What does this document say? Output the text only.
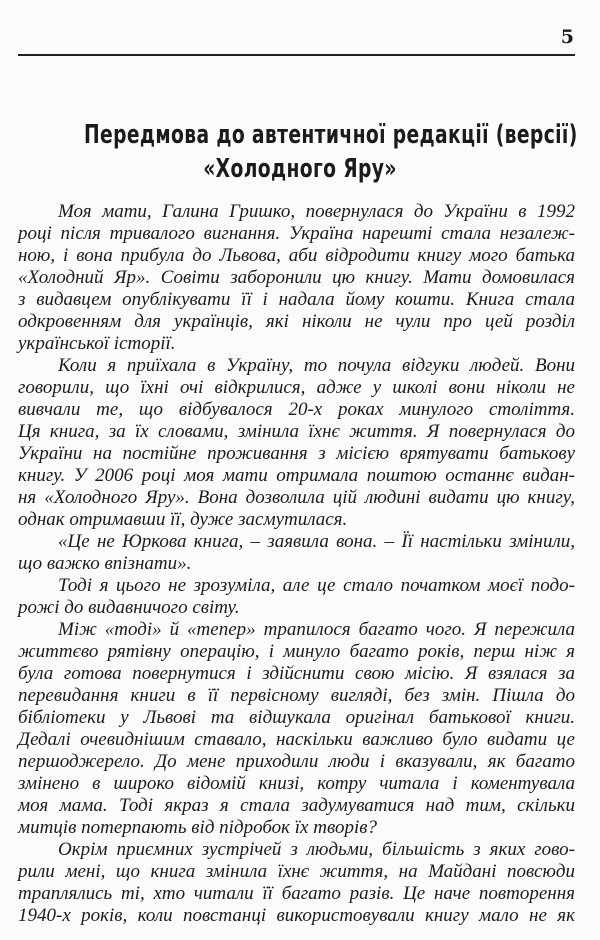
5
Передмова до автентичної редакції (версії)
«Холодного Яру»
Моя мати, Галина Гришко, повернулася до України в 1992
році після тривалого вигнання. Україна нарешті стала незалеж-
ною, і вона прибула до Львова, аби відродити книгу мого батька
«Холодний Яр». Совіти заборонили цю книгу. Мати домовилася
з видавцем опублікувати її і надала йому кошти. Книга стала
одкровенням для українців, які ніколи не чули про цей розділ
української історії.
Коли я приїхала в Україну, то почула відгуки людей. Вони
говорили, що їхні очі відкрилися, адже у школі вони ніколи не
вивчали те, що відбувалося 20-х роках минулого століття.
Ця книга, за їх словами, змінила їхнє життя. Я повернулася до
України на постійне проживання з місією врятувати батькову
книгу. У 2006 році моя мати отримала поштою останнє видан-
ня «Холодного Яру». Вона дозволила цій людині видати цю книгу,
однак отримавши її, дуже засмутилася.
«Це не Юркова книга, – заявила вона. – Її настільки змінили,
що важко впізнати».
Тоді я цього не зрозуміла, але це стало початком моєї подо-
рожі до видавничого світу.
Між «тоді» й «тепер» трапилося багато чого. Я пережила
життєво рятівну операцію, і минуло багато років, перш ніж я
була готова повернутися і здійснити свою місію. Я взялася за
перевидання книги в її первісному вигляді, без змін. Пішла до
бібліотеки у Львові та відшукала оригінал батькової книги.
Дедалі очевиднішим ставало, наскільки важливо було видати це
першоджерело. До мене приходили люди і вказували, як багато
змінено в широко відомій книзі, котру читала і коментувала
моя мама. Тоді якраз я стала задумуватися над тим, скільки
митців потерпають від підробок їх творів?
Окрім приємних зустрічей з людьми, більшість з яких гово-
рили мені, що книга змінила їхнє життя, на Майдані повсюди
траплялись ті, хто читали її багато разів. Це наче повторення
1940-х років, коли повстанці використовували книгу мало не як
